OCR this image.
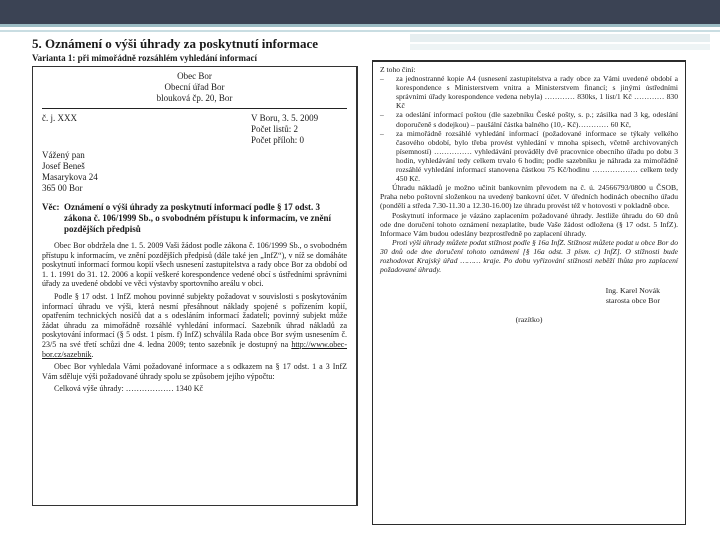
5. Oznámení o výši úhrady za poskytnutí informace

Varianta 1: při mimořádně rozsáhlém vyhledání informací

Obec Bor
Obecní úřad Bor
blouková čp. 20, Bor
č. j. XXX	V Boru, 3. 5. 2009
Počet listů: 2
Počet příloh: 0
Vážený pan
Josef Beneš
Masarykova 24
365 00 Bor
Věc: Oznámení o výši úhrady za poskytnutí informací podle § 17 odst. 3 zákona č. 106/1999 Sb., o svobodném přístupu k informacím, ve znění pozdějších předpisů

Obec Bor obdržela dne 1. 5. 2009 Vaši žádost podle zákona č. 106/1999 Sb., o svobodném přístupu k informacím, ve znění pozdějších předpisů (dále také jen „InfZ“), v níž se domáháte poskytnutí informací formou kopií všech usnesení zastupitelstva a rady obce Bor za období od 1. 1. 1991 do 31. 12. 2006 a kopií veškeré korespondence vedené obcí s ústředními správními úřady za uvedené období ve věci výstavby sportovního areálu v obci.

Podle § 17 odst. 1 InfZ mohou povinné subjekty požadovat v souvislosti s poskytováním informací úhradu ve výši, která nesmí přesáhnout náklady spojené s pořízením kopií, opatřením technických nosičů dat a s odesláním informací žadateli; povinný subjekt může žádat úhradu za mimořádně rozsáhlé vyhledání informací. Sazebník úhrad nákladů za poskytování informací (§ 5 odst. 1 písm. f) InfZ) schválila Rada obce Bor svým usnesením č. 23/5 na své třetí schůzi dne 4. ledna 2009; tento sazebník je dostupný na http://www.obec-bor.cz/sazebnik.

Obec Bor vyhledala Vámi požadované informace a s odkazem na § 17 odst. 1 a 3 InfZ Vám sděluje výši požadované úhrady spolu se způsobem jejího výpočtu:

Celková výše úhrady: ……………… 1340 Kč

Z toho činí:

–	za jednostranné kopie A4 (usnesení zastupitelstva a rady obce za Vámi uvedené období a korespondence s Ministerstvem vnitra a Ministerstvem financí; s jinými ústředními správními úřady korespondence vedena nebyla) ………… 830ks, 1 list/1 Kč ………… 830 Kč
–	za odeslání informací poštou (dle sazebníku České pošty, s. p.; zásilka nad 3 kg, odeslání doporučeně s dodejkou) – paušální částka balného (10,- Kč)………… 60 Kč,
–	za mimořádně rozsáhlé vyhledání informací (požadované informace se týkaly velkého časového období, bylo třeba provést vyhledání v mnoha spisech, včetně archivovaných písemností) …………… vyhledávání prováděly dvě pracovnice obecního úřadu po dobu 3 hodin, vyhledávání tedy celkem trvalo 6 hodin; podle sazebníku je náhrada za mimořádně rozsáhlé vyhledání informací stanovena částkou 75 Kč/hodinu ……………… celkem tedy 450 Kč.

Úhradu nákladů je možno učinit bankovním převodem na č. ú. 24566793/0800 u ČSOB, Praha nebo poštovní složenkou na uvedený bankovní účet. V úředních hodinách obecního úřadu (pondělí a středa 7.30-11.30 a 12.30-16.00) lze úhradu provést též v hotovosti v pokladně obce.

Poskytnutí informace je vázáno zaplacením požadované úhrady. Jestliže úhradu do 60 dnů ode dne doručení tohoto oznámení nezaplatíte, bude Vaše žádost odložena (§ 17 odst. 5 InfZ). Informace Vám budou odeslány bezprostředně po zaplacení úhrady.

Proti výši úhrady můžete podat stížnost podle § 16a InfZ. Stížnost můžete podat u obce Bor do 30 dnů ode dne doručení tohoto oznámení [§ 16a odst. 3 písm. c) InfZ]. O stížnosti bude rozhodovat Krajský úřad ……… kraje. Po dobu vyřizování stížnosti neběží lhůta pro zaplacení požadované úhrady.

Ing. Karel Novák
starosta obce Bor
(razítko)
